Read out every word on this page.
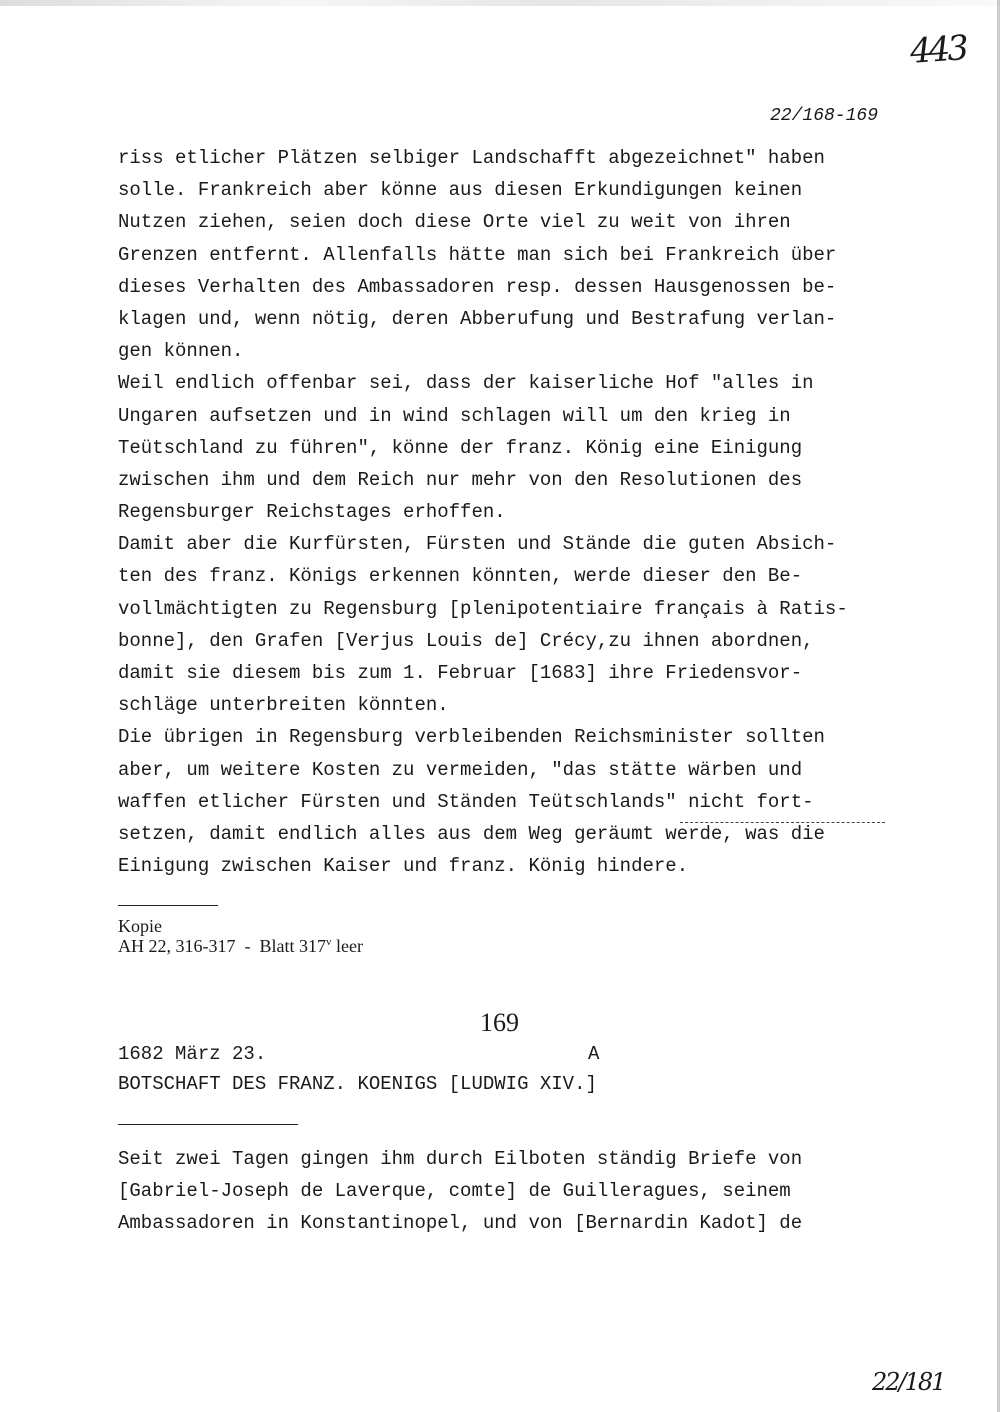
443
22/168-169
riss etlicher Plätzen selbiger Landschafft abgezeichnet" haben
solle. Frankreich aber könne aus diesen Erkundigungen keinen
Nutzen ziehen, seien doch diese Orte viel zu weit von ihren
Grenzen entfernt. Allenfalls hätte man sich bei Frankreich über
dieses Verhalten des Ambassadoren resp. dessen Hausgenossen be-
klagen und, wenn nötig, deren Abberufung und Bestrafung verlan-
gen können.
Weil endlich offenbar sei, dass der kaiserliche Hof "alles in
Ungaren aufsetzen und in wind schlagen will um den krieg in
Teütschland zu führen", könne der franz. König eine Einigung
zwischen ihm und dem Reich nur mehr von den Resolutionen des
Regensburger Reichstages erhoffen.
Damit aber die Kurfürsten, Fürsten und Stände die guten Absich-
ten des franz. Königs erkennen könnten, werde dieser den Be-
vollmächtigten zu Regensburg [plenipotentiaire français à Ratis-
bonne], den Grafen [Verjus Louis de] Crécy,zu ihnen abordnen,
damit sie diesem bis zum 1. Februar [1683] ihre Friedensvor-
schläge unterbreiten könnten.
Die übrigen in Regensburg verbleibenden Reichsminister sollten
aber, um weitere Kosten zu vermeiden, "das stätte wärben und
waffen etlicher Fürsten und Ständen Teütschlands" nicht fort-
setzen, damit endlich alles aus dem Weg geräumt werde, was die
Einigung zwischen Kaiser und franz. König hindere.
Kopie
AH 22, 316-317  -  Blatt 317$^v$ leer
169
1682 März 23.	A
BOTSCHAFT DES FRANZ. KOENIGS [LUDWIG XIV.]
Seit zwei Tagen gingen ihm durch Eilboten ständig Briefe von
[Gabriel-Joseph de Laverque, comte] de Guilleragues, seinem
Ambassadoren in Konstantinopel, und von [Bernardin Kadot] de
22/181
